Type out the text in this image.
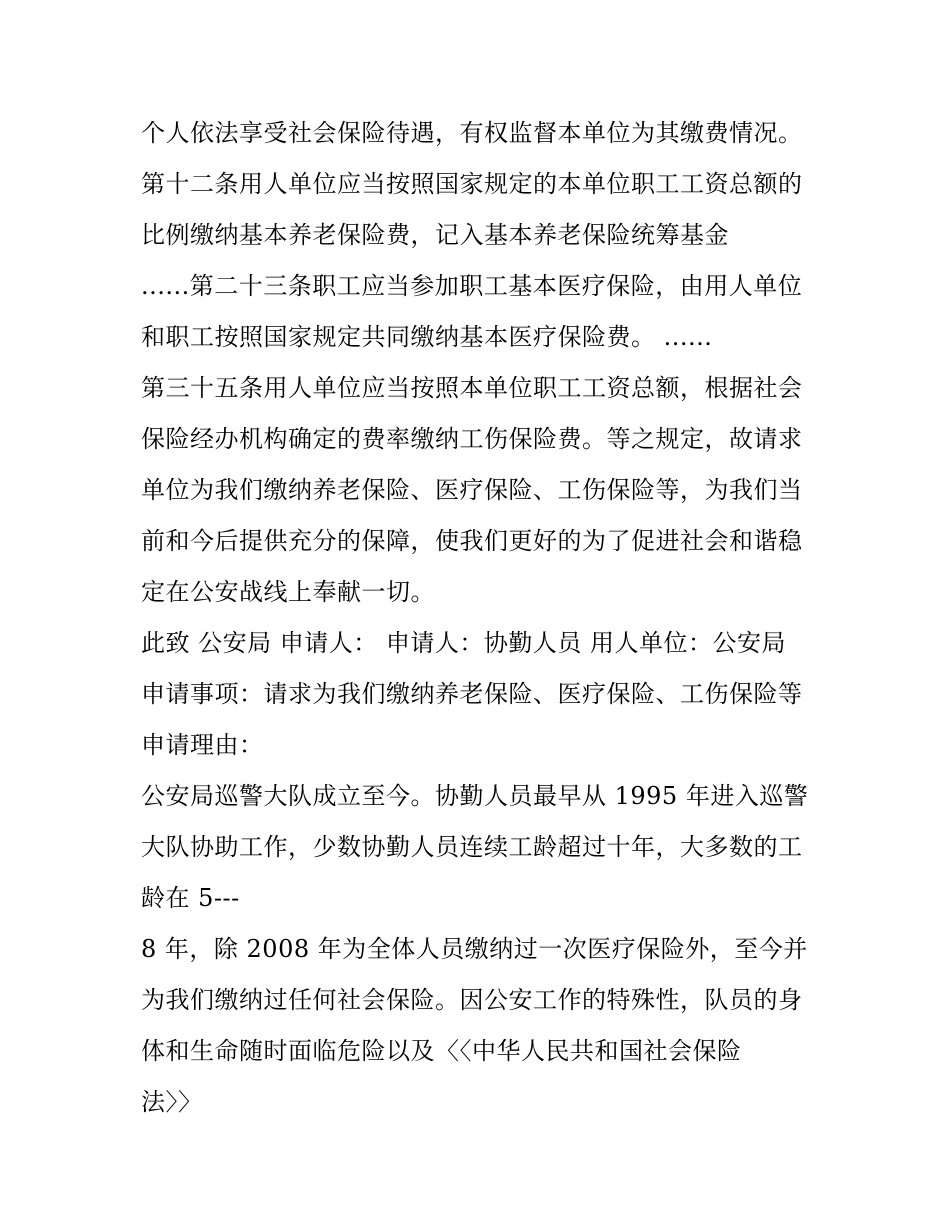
个人依法享受社会保险待遇，有权监督本单位为其缴费情况。
第十二条用人单位应当按照国家规定的本单位职工工资总额的
比例缴纳基本养老保险费，记入基本养老保险统筹基金
......第二十三条职工应当参加职工基本医疗保险，由用人单位
和职工按照国家规定共同缴纳基本医疗保险费。 ......
第三十五条用人单位应当按照本单位职工工资总额，根据社会
保险经办机构确定的费率缴纳工伤保险费。等之规定，故请求
单位为我们缴纳养老保险、医疗保险、工伤保险等，为我们当
前和今后提供充分的保障，使我们更好的为了促进社会和谐稳
定在公安战线上奉献一切。
此致 公安局 申请人： 申请人：协勤人员 用人单位：公安局
申请事项：请求为我们缴纳养老保险、医疗保险、工伤保险等
申请理由：
公安局巡警大队成立至今。协勤人员最早从 1995 年进入巡警
大队协助工作，少数协勤人员连续工龄超过十年，大多数的工
龄在 5---
8 年，除 2008 年为全体人员缴纳过一次医疗保险外，至今并
为我们缴纳过任何社会保险。因公安工作的特殊性，队员的身
体和生命随时面临危险以及〈〈中华人民共和国社会保险
法〉〉
